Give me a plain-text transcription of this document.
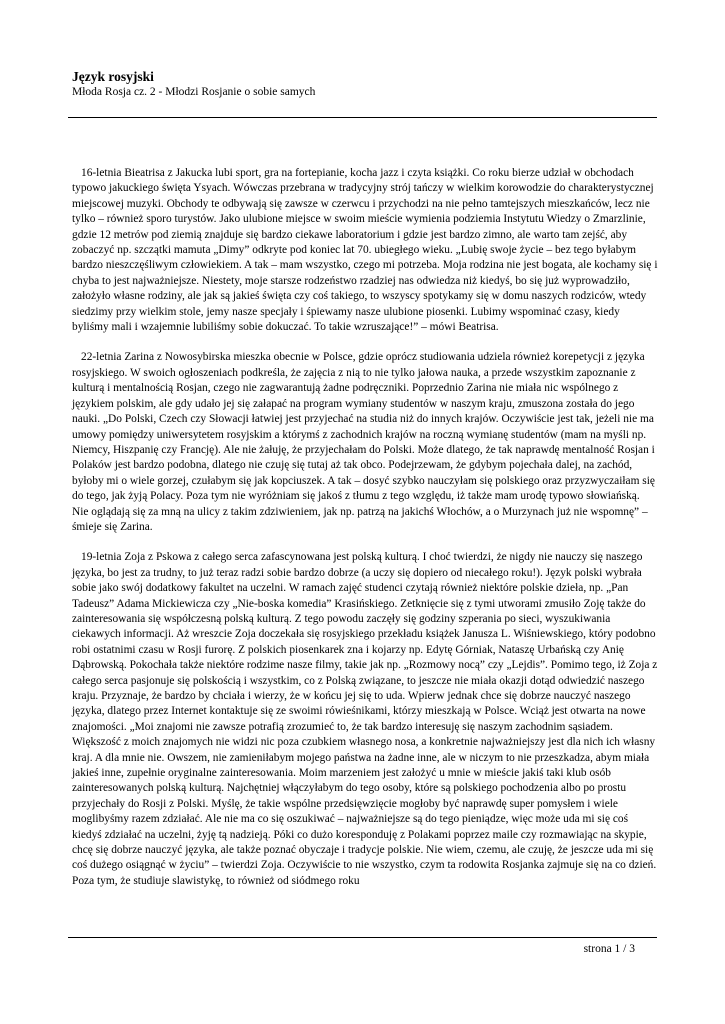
Język rosyjski
Młoda Rosja cz. 2 - Młodzi Rosjanie o sobie samych

16-letnia Bieatrisa z Jakucka lubi sport, gra na fortepianie, kocha jazz i czyta książki. Co roku bierze udział w obchodach typowo jakuckiego święta Ysyach. Wówczas przebrana w tradycyjny strój tańczy w wielkim korowodzie do charakterystycznej miejscowej muzyki. Obchody te odbywają się zawsze w czerwcu i przychodzi na nie pełno tamtejszych mieszkańców, lecz nie tylko – również sporo turystów. Jako ulubione miejsce w swoim mieście wymienia podziemia Instytutu Wiedzy o Zmarzlinie, gdzie 12 metrów pod ziemią znajduje się bardzo ciekawe laboratorium i gdzie jest bardzo zimno, ale warto tam zejść, aby zobaczyć np. szczątki mamuta „Dimy” odkryte pod koniec lat 70. ubiegłego wieku. „Lubię swoje życie – bez tego byłabym bardzo nieszczęśliwym człowiekiem. A tak – mam wszystko, czego mi potrzeba. Moja rodzina nie jest bogata, ale kochamy się i chyba to jest najważniejsze. Niestety, moje starsze rodzeństwo rzadziej nas odwiedza niż kiedyś, bo się już wyprowadziło, założyło własne rodziny, ale jak są jakieś święta czy coś takiego, to wszyscy spotykamy się w domu naszych rodziców, wtedy siedzimy przy wielkim stole, jemy nasze specjały i śpiewamy nasze ulubione piosenki. Lubimy wspominać czasy, kiedy byliśmy mali i wzajemnie lubiliśmy sobie dokuczać. To takie wzruszające!” – mówi Beatrisa.

22-letnia Zarina z Nowosybirska mieszka obecnie w Polsce, gdzie oprócz studiowania udziela również korepetycji z języka rosyjskiego. W swoich ogłoszeniach podkreśla, że zajęcia z nią to nie tylko jałowa nauka, a przede wszystkim zapoznanie z kulturą i mentalnością Rosjan, czego nie zagwarantują żadne podręczniki. Poprzednio Zarina nie miała nic wspólnego z językiem polskim, ale gdy udało jej się załapać na program wymiany studentów w naszym kraju, zmuszona została do jego nauki. „Do Polski, Czech czy Słowacji łatwiej jest przyjechać na studia niż do innych krajów. Oczywiście jest tak, jeżeli nie ma umowy pomiędzy uniwersytetem rosyjskim a którymś z zachodnich krajów na roczną wymianę studentów (mam na myśli np. Niemcy, Hiszpanię czy Francję). Ale nie żałuję, że przyjechałam do Polski. Może dlatego, że tak naprawdę mentalność Rosjan i Polaków jest bardzo podobna, dlatego nie czuję się tutaj aż tak obco. Podejrzewam, że gdybym pojechała dalej, na zachód, byłoby mi o wiele gorzej, czułabym się jak kopciuszek. A tak – dosyć szybko nauczyłam się polskiego oraz przyzwyczaiłam się do tego, jak żyją Polacy. Poza tym nie wyróżniam się jakoś z tłumu z tego względu, iż także mam urodę typowo słowiańską. Nie oglądają się za mną na ulicy z takim zdziwieniem, jak np. patrzą na jakichś Włochów, a o Murzynach już nie wspomnę” – śmieje się Zarina.

19-letnia Zoja z Pskowa z całego serca zafascynowana jest polską kulturą. I choć twierdzi, że nigdy nie nauczy się naszego języka, bo jest za trudny, to już teraz radzi sobie bardzo dobrze (a uczy się dopiero od niecałego roku!). Język polski wybrała sobie jako swój dodatkowy fakultet na uczelni. W ramach zajęć studenci czytają również niektóre polskie dzieła, np. „Pan Tadeusz” Adama Mickiewicza czy „Nie-boska komedia” Krasińskiego. Zetknięcie się z tymi utworami zmusiło Zoję także do zainteresowania się współczesną polską kulturą. Z tego powodu zaczęły się godziny szperania po sieci, wyszukiwania ciekawych informacji. Aż wreszcie Zoja doczekała się rosyjskiego przekładu książek Janusza L. Wiśniewskiego, który podobno robi ostatnimi czasu w Rosji furorę. Z polskich piosenkarek zna i kojarzy np. Edytę Górniak, Nataszę Urbańską czy Anię Dąbrowską. Pokochała także niektóre rodzime nasze filmy, takie jak np. „Rozmowy nocą” czy „Lejdis”. Pomimo tego, iż Zoja z całego serca pasjonuje się polskością i wszystkim, co z Polską związane, to jeszcze nie miała okazji dotąd odwiedzić naszego kraju. Przyznaje, że bardzo by chciała i wierzy, że w końcu jej się to uda. Wpierw jednak chce się dobrze nauczyć naszego języka, dlatego przez Internet kontaktuje się ze swoimi rówieśnikami, którzy mieszkają w Polsce. Wciąż jest otwarta na nowe znajomości. „Moi znajomi nie zawsze potrafią zrozumieć to, że tak bardzo interesuję się naszym zachodnim sąsiadem. Większość z moich znajomych nie widzi nic poza czubkiem własnego nosa, a konkretnie najważniejszy jest dla nich ich własny kraj. A dla mnie nie. Owszem, nie zamieniłabym mojego państwa na żadne inne, ale w niczym to nie przeszkadza, abym miała jakieś inne, zupełnie oryginalne zainteresowania. Moim marzeniem jest założyć u mnie w mieście jakiś taki klub osób zainteresowanych polską kulturą. Najchętniej włączyłabym do tego osoby, które są polskiego pochodzenia albo po prostu przyjechały do Rosji z Polski. Myślę, że takie wspólne przedsięwzięcie mogłoby być naprawdę super pomysłem i wiele moglibyśmy razem zdziałać. Ale nie ma co się oszukiwać – najważniejsze są do tego pieniądze, więc może uda mi się coś kiedyś zdziałać na uczelni, żyję tą nadzieją. Póki co dużo koresponduję z Polakami poprzez maile czy rozmawiając na skypie, chcę się dobrze nauczyć języka, ale także poznać obyczaje i tradycje polskie. Nie wiem, czemu, ale czuję, że jeszcze uda mi się coś dużego osiągnąć w życiu” – twierdzi Zoja. Oczywiście to nie wszystko, czym ta rodowita Rosjanka zajmuje się na co dzień. Poza tym, że studiuje slawistykę, to również od siódmego roku

strona 1 / 3
